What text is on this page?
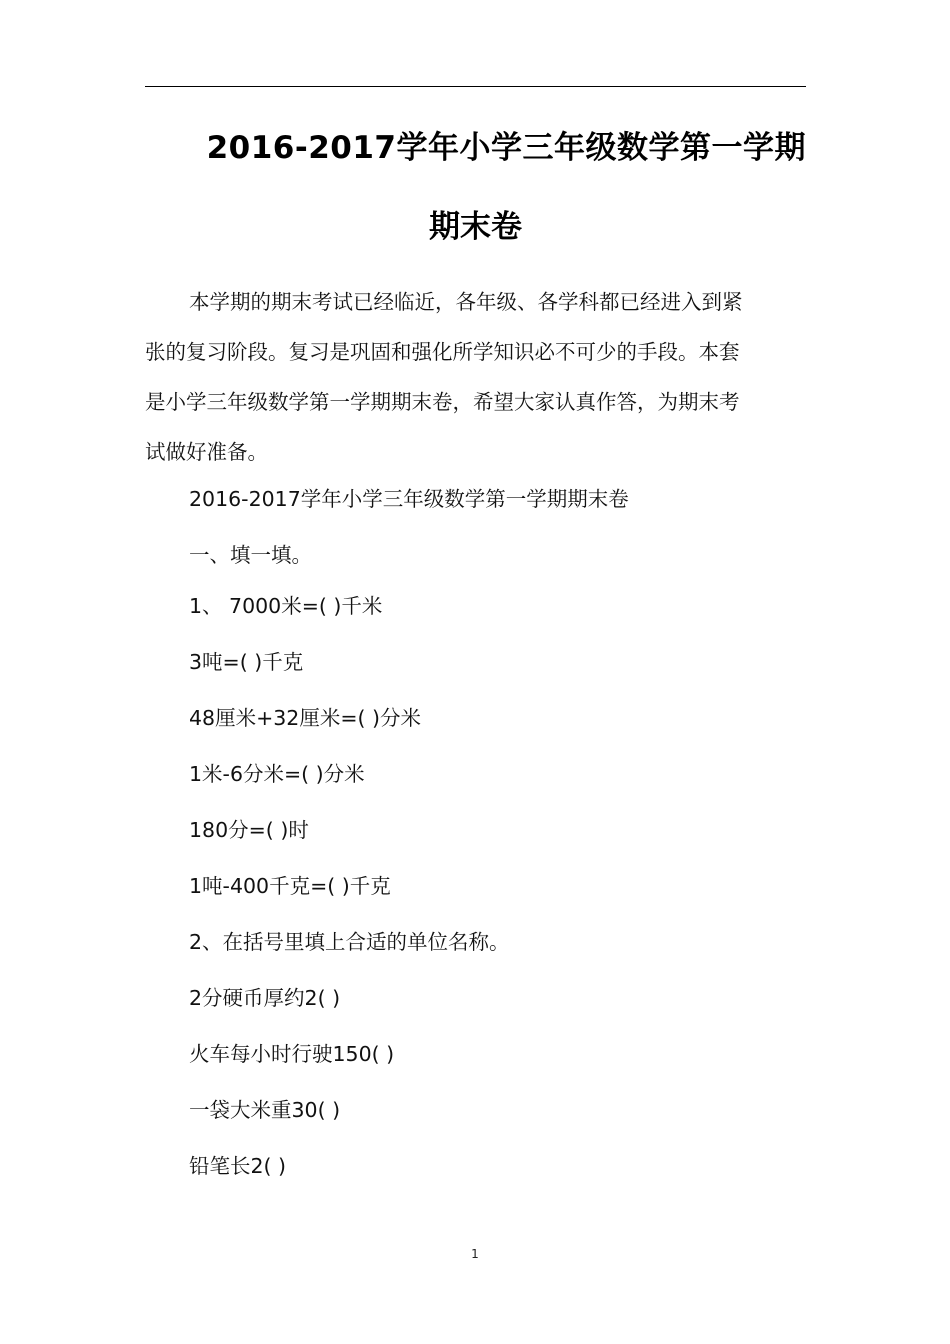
2016-2017学年小学三年级数学第一学期
期末卷
本学期的期末考试已经临近，各年级、各学科都已经进入到紧
张的复习阶段。复习是巩固和强化所学知识必不可少的手段。本套
是小学三年级数学第一学期期末卷，希望大家认真作答，为期末考
试做好准备。
2016-2017学年小学三年级数学第一学期期末卷
一、填一填。
1、 7000米=( )千米
3吨=( )千克
48厘米+32厘米=( )分米
1米-6分米=( )分米
180分=( )时
1吨-400千克=( )千克
2、在括号里填上合适的单位名称。
2分硬币厚约2( )
火车每小时行驶150( )
一袋大米重30( )
铅笔长2( )
1
